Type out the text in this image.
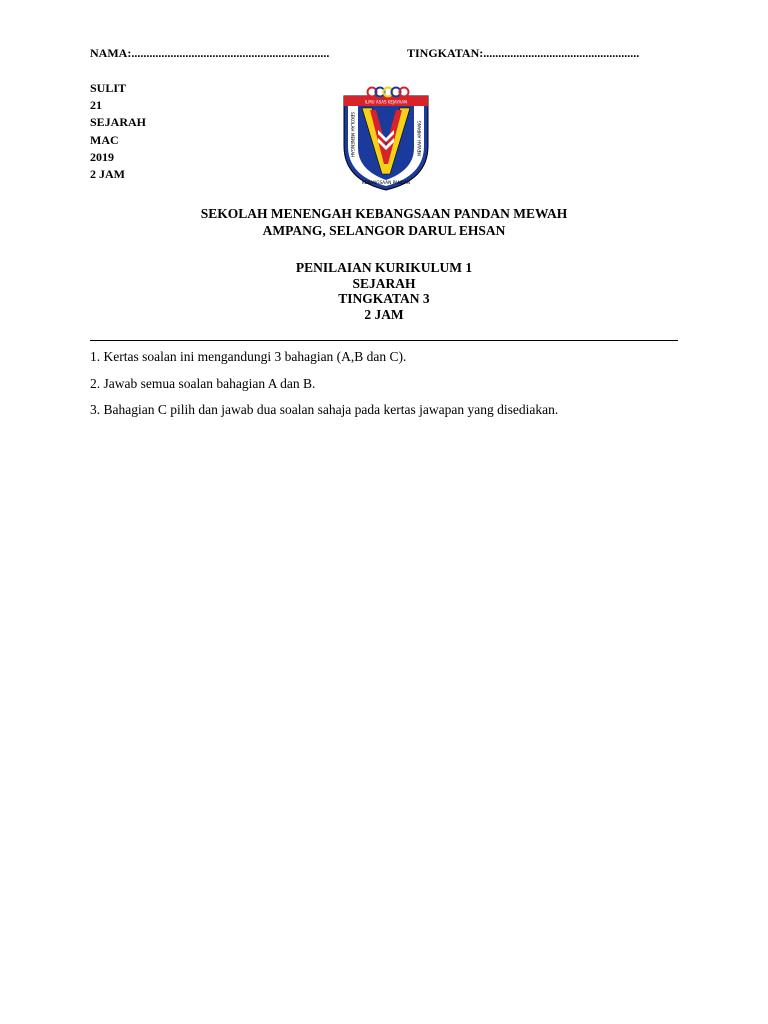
NAMA:..................................................................	TINGKATAN:....................................................
SULIT
21
SEJARAH
MAC
2019
2 JAM
ILMU ASAS KEJAYAAN
SEKOLAH MENENGAH	MEWAH AMPANG
KEBANGSAAN PANDAN
SEKOLAH MENENGAH KEBANGSAAN PANDAN MEWAH
AMPANG, SELANGOR DARUL EHSAN
PENILAIAN KURIKULUM 1
SEJARAH
TINGKATAN 3
2 JAM
1. Kertas soalan ini mengandungi 3 bahagian (A,B dan C).
2. Jawab semua soalan bahagian A dan B.
3. Bahagian C pilih dan jawab dua soalan sahaja pada kertas jawapan yang disediakan.
